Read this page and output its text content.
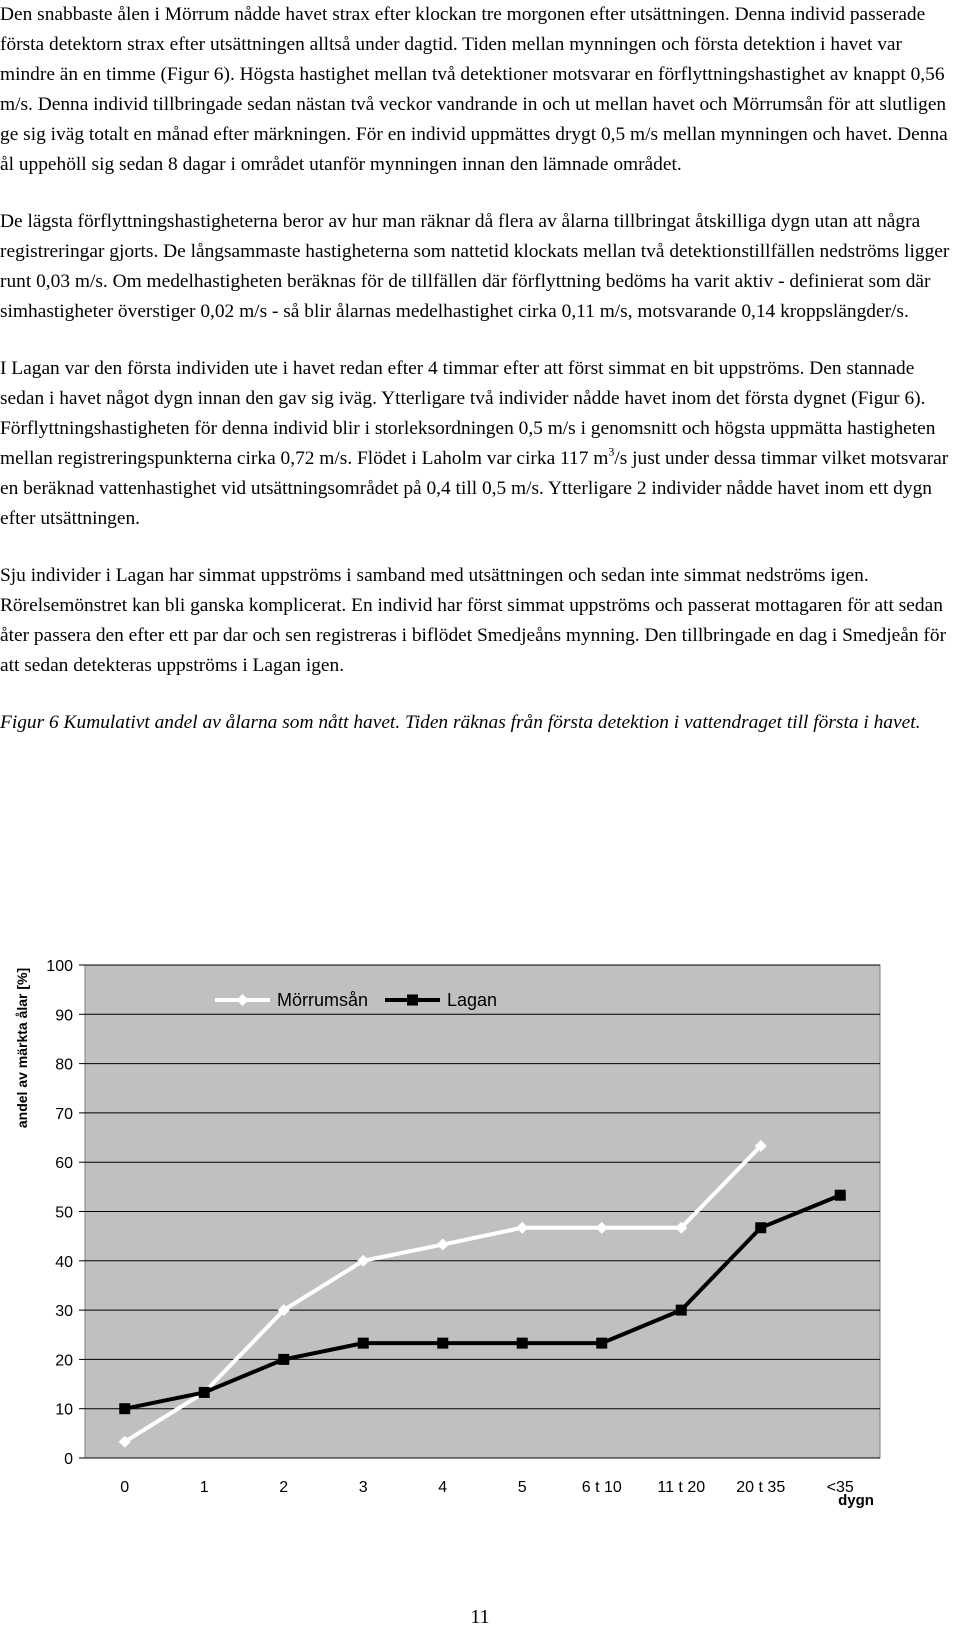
Den snabbaste ålen i Mörrum nådde havet strax efter klockan tre morgonen efter utsättningen. Denna individ passerade första detektorn strax efter utsättningen alltså under dagtid. Tiden mellan mynningen och första detektion i havet var mindre än en timme (Figur 6). Högsta hastighet mellan två detektioner motsvarar en förflyttningshastighet av knappt 0,56 m/s. Denna individ tillbringade sedan nästan två veckor vandrande in och ut mellan havet och Mörrumsån för att slutligen ge sig iväg totalt en månad efter märkningen. För en individ uppmättes drygt 0,5 m/s mellan mynningen och havet. Denna ål uppehöll sig sedan 8 dagar i området utanför mynningen innan den lämnade området.

De lägsta förflyttningshastigheterna beror av hur man räknar då flera av ålarna tillbringat åtskilliga dygn utan att några registreringar gjorts. De långsammaste hastigheterna som nattetid klockats mellan två detektionstillfällen nedströms ligger runt 0,03 m/s. Om medelhastigheten beräknas för de tillfällen där förflyttning bedöms ha varit aktiv - definierat som där simhastigheter överstiger 0,02 m/s - så blir ålarnas medelhastighet cirka 0,11 m/s, motsvarande 0,14 kroppslängder/s.

I Lagan var den första individen ute i havet redan efter 4 timmar efter att först simmat en bit uppströms. Den stannade sedan i havet något dygn innan den gav sig iväg. Ytterligare två individer nådde havet inom det första dygnet (Figur 6). Förflyttningshastigheten för denna individ blir i storleksordningen 0,5 m/s i genomsnitt och högsta uppmätta hastigheten mellan registreringspunkterna cirka 0,72 m/s. Flödet i Laholm var cirka 117 $m^3/s$ just under dessa timmar vilket motsvarar en beräknad vattenhastighet vid utsättningsområdet på 0,4 till 0,5 m/s. Ytterligare 2 individer nådde havet inom ett dygn efter utsättningen.

Sju individer i Lagan har simmat uppströms i samband med utsättningen och sedan inte simmat nedströms igen. Rörelsemönstret kan bli ganska komplicerat. En individ har först simmat uppströms och passerat mottagaren för att sedan åter passera den efter ett par dar och sen registreras i biflödet Smedjeåns mynning. Den tillbringade en dag i Smedjeån för att sedan detekteras uppströms i Lagan igen.

Figur 6 Kumulativt andel av ålarna som nått havet. Tiden räknas från första detektion i vattendraget till första i havet.

0
10
20
30
40
50
60
70
80
90
100
0	1	2	3	4	5	6 t 10 11 t 20 20 t 35	<35
dygn
andel av märkta ålar [%]	Mörrumsån	Lagan
11
